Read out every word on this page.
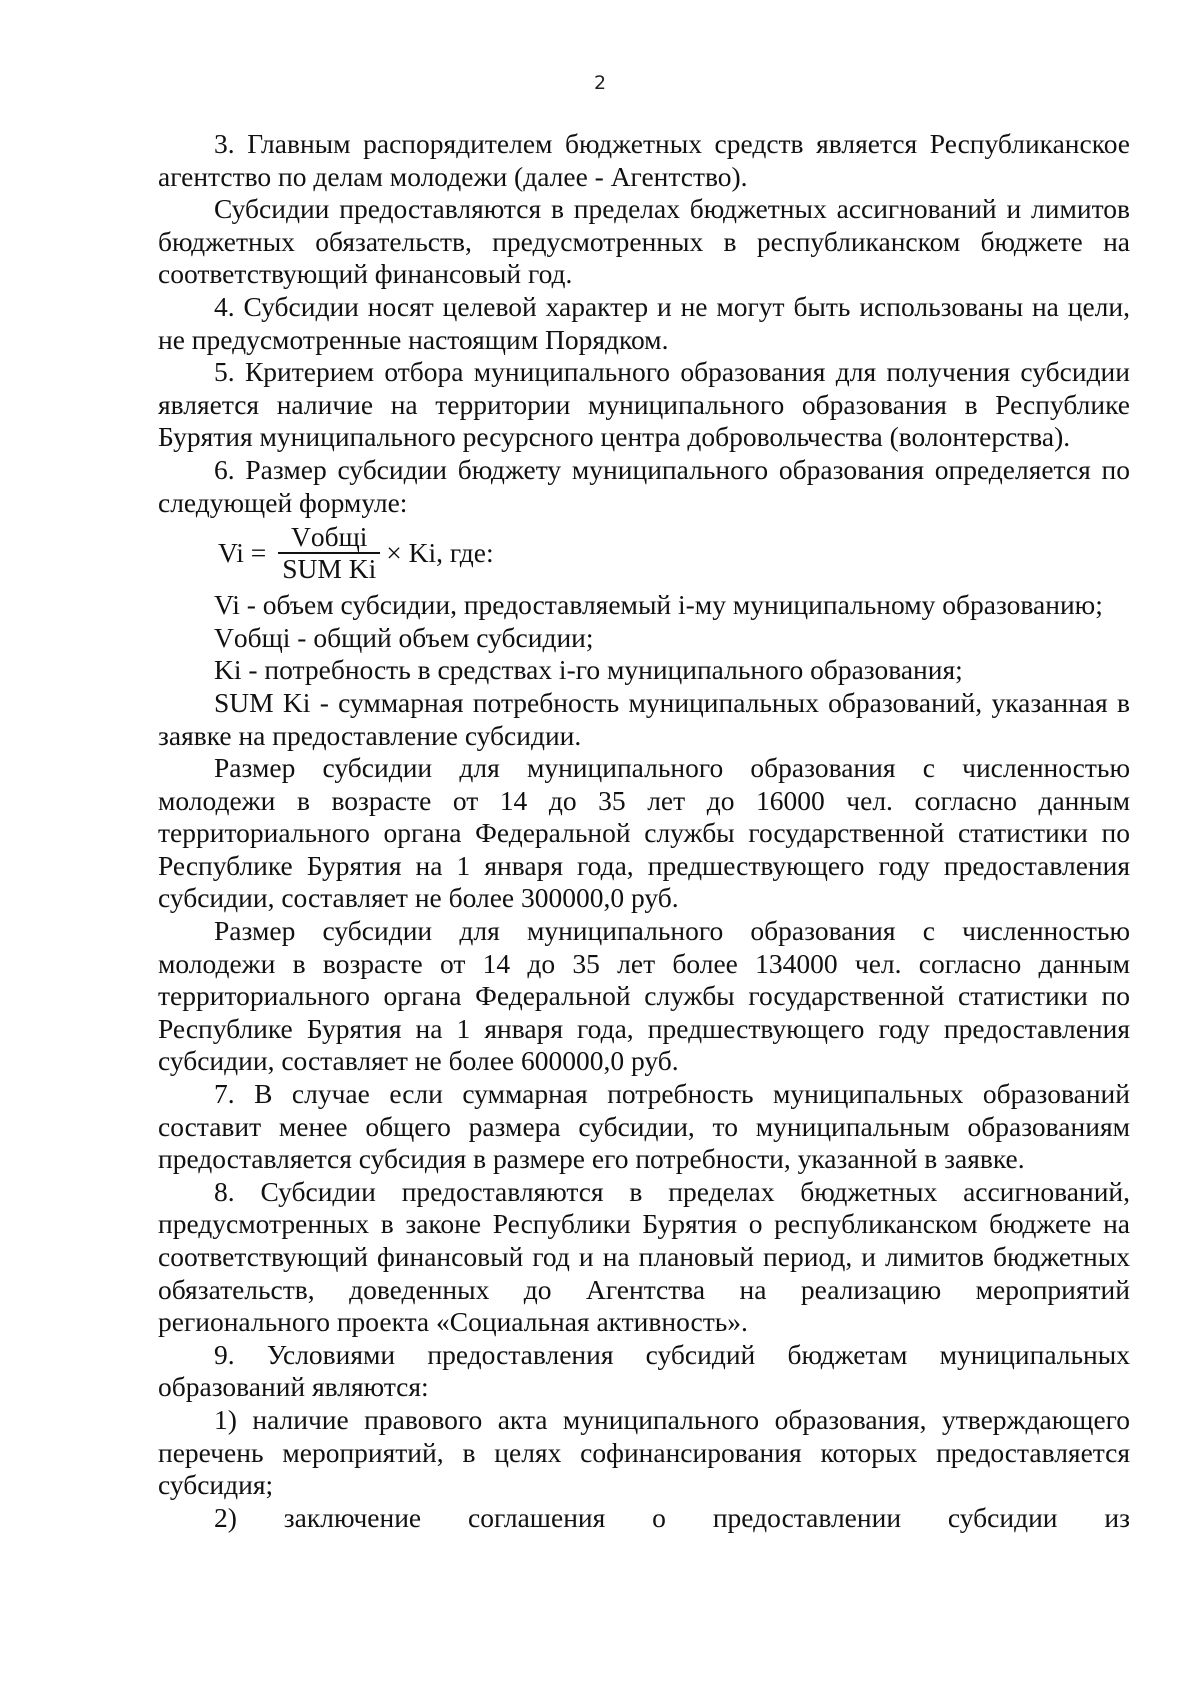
2

3. Главным распорядителем бюджетных средств является Республиканское агентство по делам молодежи (далее - Агентство).

Субсидии предоставляются в пределах бюджетных ассигнований и лимитов бюджетных обязательств, предусмотренных в республиканском бюджете на соответствующий финансовый год.

4. Субсидии носят целевой характер и не могут быть использованы на цели, не предусмотренные настоящим Порядком.

5. Критерием отбора муниципального образования для получения субсидии является наличие на территории муниципального образования в Республике Бурятия муниципального ресурсного центра добровольчества (волонтерства).

6. Размер субсидии бюджету муниципального образования определяется по следующей формуле:

$Vi = \frac{\text{Vобщi}}{\text{SUM Ki}} \times Ki$, где:

Vi - объем субсидии, предоставляемый i-му муниципальному образованию;

Vобщi - общий объем субсидии;

Ki - потребность в средствах i-го муниципального образования;

SUM Ki - суммарная потребность муниципальных образований, указанная в заявке на предоставление субсидии.

Размер субсидии для муниципального образования с численностью молодежи в возрасте от 14 до 35 лет до 16000 чел. согласно данным территориального органа Федеральной службы государственной статистики по Республике Бурятия на 1 января года, предшествующего году предоставления субсидии, составляет не более 300000,0 руб.

Размер субсидии для муниципального образования с численностью молодежи в возрасте от 14 до 35 лет более 134000 чел. согласно данным территориального органа Федеральной службы государственной статистики по Республике Бурятия на 1 января года, предшествующего году предоставления субсидии, составляет не более 600000,0 руб.

7. В случае если суммарная потребность муниципальных образований составит менее общего размера субсидии, то муниципальным образованиям предоставляется субсидия в размере его потребности, указанной в заявке.

8. Субсидии предоставляются в пределах бюджетных ассигнований, предусмотренных в законе Республики Бурятия о республиканском бюджете на соответствующий финансовый год и на плановый период, и лимитов бюджетных обязательств, доведенных до Агентства на реализацию мероприятий регионального проекта «Социальная активность».

9. Условиями предоставления субсидий бюджетам муниципальных образований являются:

1) наличие правового акта муниципального образования, утверждающего перечень мероприятий, в целях софинансирования которых предоставляется субсидия;

2) заключение соглашения о предоставлении субсидии из
